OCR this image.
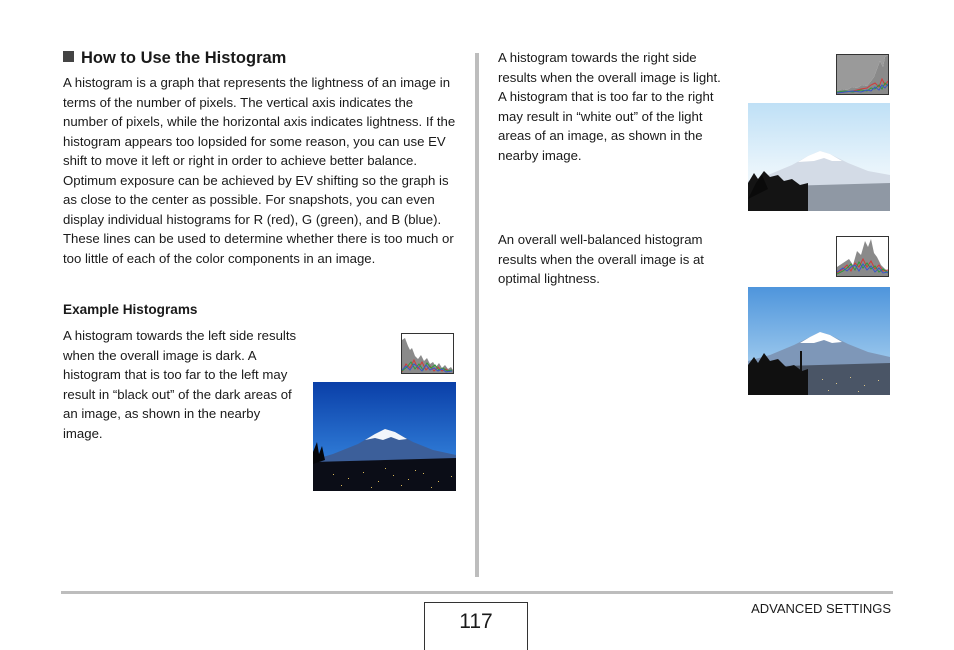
How to Use the Histogram
A histogram is a graph that represents the lightness of an image in terms of the number of pixels. The vertical axis indicates the number of pixels, while the horizontal axis indicates lightness. If the histogram appears too lopsided for some reason, you can use EV shift to move it left or right in order to achieve better balance. Optimum exposure can be achieved by EV shifting so the graph is as close to the center as possible. For snapshots, you can even display individual histograms for R (red), G (green), and B (blue). These lines can be used to determine whether there is too much or too little of each of the color components in an image.
Example Histograms
A histogram towards the left side results when the overall image is dark. A histogram that is too far to the left may result in “black out” of the dark areas of an image, as shown in the nearby image.
A histogram towards the right side results when the overall image is light. A histogram that is too far to the right may result in “white out” of the light areas of an image, as shown in the nearby image.
An overall well-balanced histogram results when the overall image is at optimal lightness.
117
ADVANCED SETTINGS
